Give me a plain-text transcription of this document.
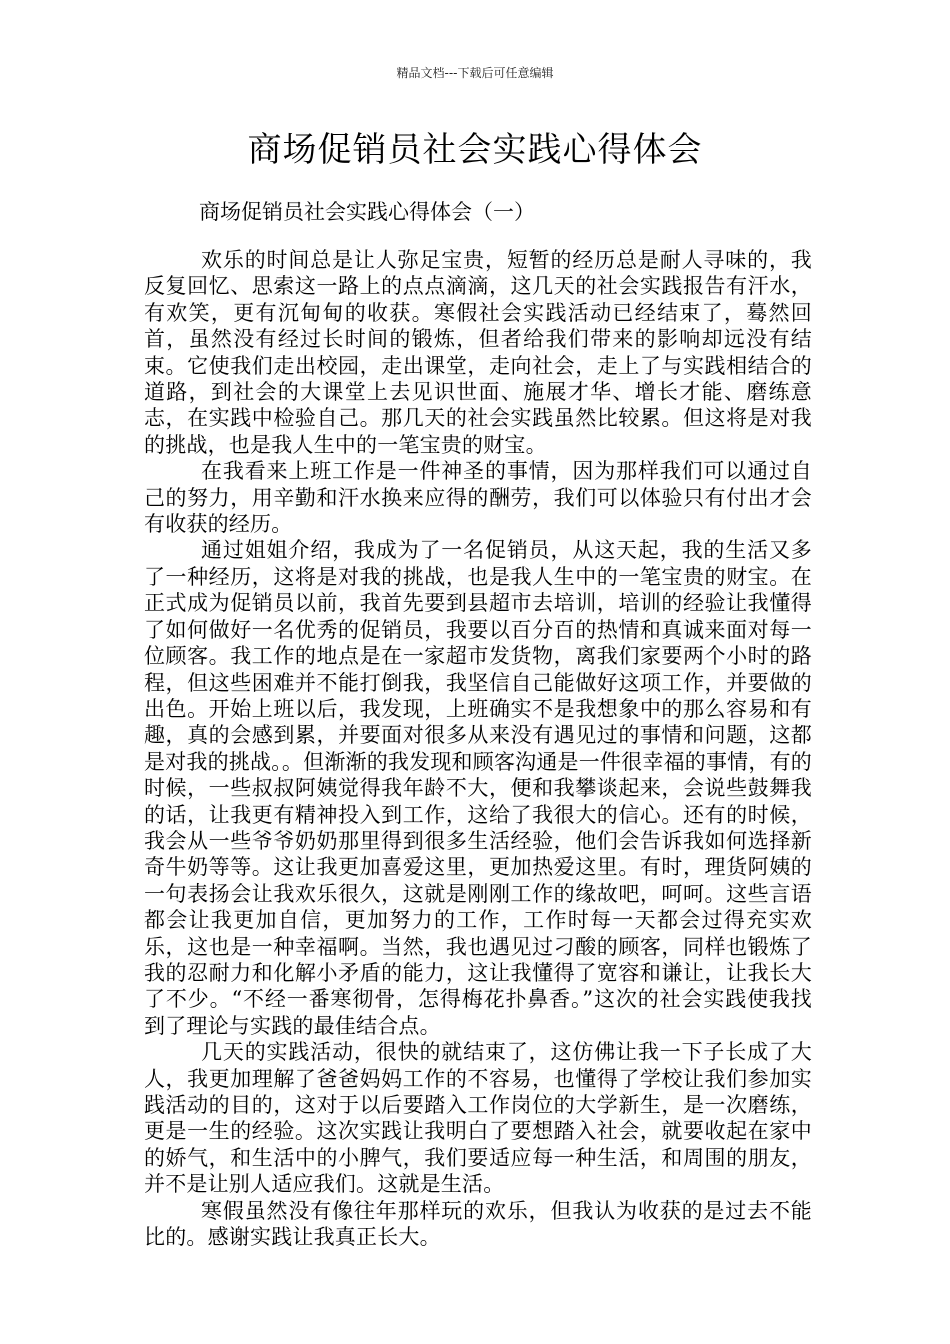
精品文档---下载后可任意编辑
商场促销员社会实践心得体会

商场促销员社会实践心得体会（一）

欢乐的时间总是让人弥足宝贵，短暂的经历总是耐人寻味的，我反复回忆、思索这一路上的点点滴滴，这几天的社会实践报告有汗水，有欢笑，更有沉甸甸的收获。寒假社会实践活动已经结束了，蓦然回首，虽然没有经过长时间的锻炼，但者给我们带来的影响却远没有结束。它使我们走出校园，走出课堂，走向社会，走上了与实践相结合的道路，到社会的大课堂上去见识世面、施展才华、增长才能、磨练意志，在实践中检验自己。那几天的社会实践虽然比较累。但这将是对我的挑战，也是我人生中的一笔宝贵的财宝。

在我看来上班工作是一件神圣的事情，因为那样我们可以通过自己的努力，用辛勤和汗水换来应得的酬劳，我们可以体验只有付出才会有收获的经历。

通过姐姐介绍，我成为了一名促销员，从这天起，我的生活又多了一种经历，这将是对我的挑战，也是我人生中的一笔宝贵的财宝。在正式成为促销员以前，我首先要到县超市去培训，培训的经验让我懂得了如何做好一名优秀的促销员，我要以百分百的热情和真诚来面对每一位顾客。我工作的地点是在一家超市发货物，离我们家要两个小时的路程，但这些困难并不能打倒我，我坚信自己能做好这项工作，并要做的出色。开始上班以后，我发现，上班确实不是我想象中的那么容易和有趣，真的会感到累，并要面对很多从来没有遇见过的事情和问题，这都是对我的挑战。。但渐渐的我发现和顾客沟通是一件很幸福的事情，有的时候，一些叔叔阿姨觉得我年龄不大，便和我攀谈起来，会说些鼓舞我的话，让我更有精神投入到工作，这给了我很大的信心。还有的时候，我会从一些爷爷奶奶那里得到很多生活经验，他们会告诉我如何选择新奇牛奶等等。这让我更加喜爱这里，更加热爱这里。有时，理货阿姨的一句表扬会让我欢乐很久，这就是刚刚工作的缘故吧，呵呵。这些言语都会让我更加自信，更加努力的工作，工作时每一天都会过得充实欢乐，这也是一种幸福啊。当然，我也遇见过刁酸的顾客，同样也锻炼了我的忍耐力和化解小矛盾的能力，这让我懂得了宽容和谦让，让我长大了不少。“不经一番寒彻骨，怎得梅花扑鼻香。”这次的社会实践使我找到了理论与实践的最佳结合点。

几天的实践活动，很快的就结束了，这仿佛让我一下子长成了大人，我更加理解了爸爸妈妈工作的不容易，也懂得了学校让我们参加实践活动的目的，这对于以后要踏入工作岗位的大学新生，是一次磨练，更是一生的经验。这次实践让我明白了要想踏入社会，就要收起在家中的娇气，和生活中的小脾气，我们要适应每一种生活，和周围的朋友，并不是让别人适应我们。这就是生活。

寒假虽然没有像往年那样玩的欢乐，但我认为收获的是过去不能比的。感谢实践让我真正长大。
